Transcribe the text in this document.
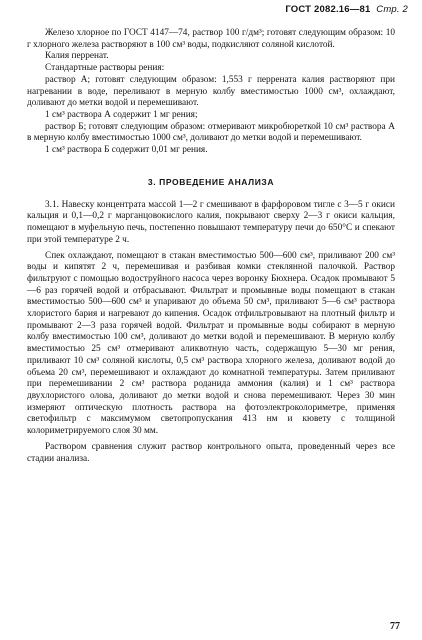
ГОСТ 2082.16—81 Стр. 2

Железо хлорное по ГОСТ 4147—74, раствор 100 г/дм³; готовят следующим образом: 10 г хлорного железа растворяют в 100 см³ воды, подкисляют соляной кислотой.

Калия перренат.

Стандартные растворы рения:

раствор А; готовят следующим образом: 1,553 г перрената калия растворяют при нагревании в воде, переливают в мерную колбу вместимостью 1000 см³, охлаждают, доливают до метки водой и перемешивают.

1 см³ раствора А содержит 1 мг рения;

раствор Б; готовят следующим образом: отмеривают микробюреткой 10 см³ раствора А в мерную колбу вместимостью 1000 см³, доливают до метки водой и перемешивают.

1 см³ раствора Б содержит 0,01 мг рения.

3. ПРОВЕДЕНИЕ АНАЛИЗА

3.1. Навеску концентрата массой 1—2 г смешивают в фарфоровом тигле с 3—5 г окиси кальция и 0,1—0,2 г марганцовокислого калия, покрывают сверху 2—3 г окиси кальция, помещают в муфельную печь, постепенно повышают температуру печи до 650°С и спекают при этой температуре 2 ч.

Спек охлаждают, помещают в стакан вместимостью 500—600 см³, приливают 200 см³ воды и кипятят 2 ч, перемешивая и разбивая комки стеклянной палочкой. Раствор фильтруют с помощью водоструйного насоса через воронку Бюхнера. Осадок промывают 5—6 раз горячей водой и отбрасывают. Фильтрат и промывные воды помещают в стакан вместимостью 500—600 см³ и упаривают до объема 50 см³, приливают 5—6 см³ раствора хлористого бария и нагревают до кипения. Осадок отфильтровывают на плотный фильтр и промывают 2—3 раза горячей водой. Фильтрат и промывные воды собирают в мерную колбу вместимостью 100 см³, доливают до метки водой и перемешивают. В мерную колбу вместимостью 25 см³ отмеривают аликвотную часть, содержащую 5—30 мг рения, приливают 10 см³ соляной кислоты, 0,5 см³ раствора хлорного железа, доливают водой до объема 20 см³, перемешивают и охлаждают до комнатной температуры. Затем приливают при перемешивании 2 см³ раствора роданида аммония (калия) и 1 см³ раствора двухлористого олова, доливают до метки водой и снова перемешивают. Через 30 мин измеряют оптическую плотность раствора на фотоэлектроколориметре, применяя светофильтр с максимумом светопропускания 413 нм и кювету с толщиной колориметрируемого слоя 30 мм.

Раствором сравнения служит раствор контрольного опыта, проведенный через все стадии анализа.

77
